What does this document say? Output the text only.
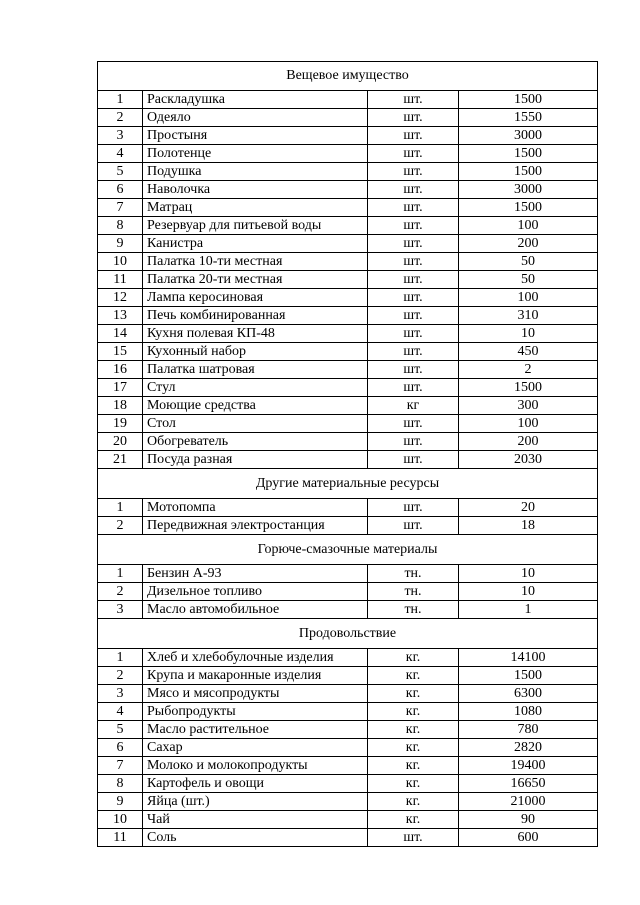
Вещевое имущество			
1	Раскладушка	шт.	1500
2	Одеяло	шт.	1550
3	Простыня	шт.	3000
4	Полотенце	шт.	1500
5	Подушка	шт.	1500
6	Наволочка	шт.	3000
7	Матрац	шт.	1500
8	Резервуар для питьевой воды	шт.	100
9	Канистра	шт.	200
10	Палатка 10-ти местная	шт.	50
11	Палатка 20-ти местная	шт.	50
12	Лампа керосиновая	шт.	100
13	Печь комбинированная	шт.	310
14	Кухня полевая КП-48	шт.	10
15	Кухонный набор	шт.	450
16	Палатка шатровая	шт.	2
17	Стул	шт.	1500
18	Моющие средства	кг	300
19	Стол	шт.	100
20	Обогреватель	шт.	200
21	Посуда разная	шт.	2030
Другие материальные ресурсы			
1	Мотопомпа	шт.	20
2	Передвижная электростанция	шт.	18
Горюче-смазочные материалы			
1	Бензин А-93	тн.	10
2	Дизельное топливо	тн.	10
3	Масло автомобильное	тн.	1
Продовольствие			
1	Хлеб и хлебобулочные изделия	кг.	14100
2	Крупа и макаронные изделия	кг.	1500
3	Мясо и мясопродукты	кг.	6300
4	Рыбопродукты	кг.	1080
5	Масло растительное	кг.	780
6	Сахар	кг.	2820
7	Молоко и молокопродукты	кг.	19400
8	Картофель и овощи	кг.	16650
9	Яйца (шт.)	кг.	21000
10	Чай	кг.	90
11	Соль	шт.	600
